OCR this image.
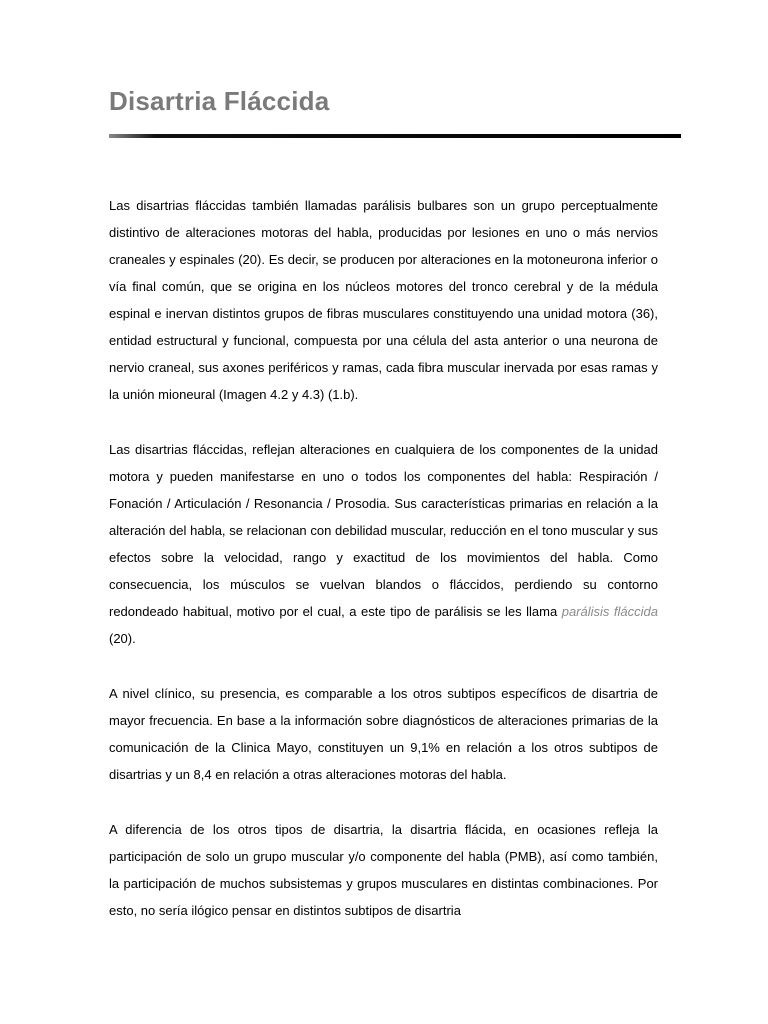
Disartria Fláccida

Las disartrias fláccidas también llamadas parálisis bulbares son un grupo perceptualmente distintivo de alteraciones motoras del habla, producidas por lesiones en uno o más nervios craneales y espinales (20). Es decir, se producen por alteraciones en la motoneurona inferior o vía final común, que se origina en los núcleos motores del tronco cerebral y de la médula espinal e inervan distintos grupos de fibras musculares constituyendo una unidad motora (36), entidad estructural y funcional, compuesta por una célula del asta anterior o una neurona de nervio craneal, sus axones periféricos y ramas, cada fibra muscular inervada por esas ramas y la unión mioneural (Imagen 4.2 y 4.3) (1.b).

Las disartrias fláccidas, reflejan alteraciones en cualquiera de los componentes de la unidad motora y pueden manifestarse en uno o todos los componentes del habla: Respiración / Fonación / Articulación / Resonancia / Prosodia. Sus características primarias en relación a la alteración del habla, se relacionan con debilidad muscular, reducción en el tono muscular y sus efectos sobre la velocidad, rango y exactitud de los movimientos del habla. Como consecuencia, los músculos se vuelvan blandos o fláccidos, perdiendo su contorno redondeado habitual, motivo por el cual, a este tipo de parálisis se les llama parálisis fláccida (20).

A nivel clínico, su presencia, es comparable a los otros subtipos específicos de disartria de mayor frecuencia. En base a la información sobre diagnósticos de alteraciones primarias de la comunicación de la Clinica Mayo, constituyen un 9,1% en relación a los otros subtipos de disartrias y un 8,4 en relación a otras alteraciones motoras del habla.

A diferencia de los otros tipos de disartria, la disartria flácida, en ocasiones refleja la participación de solo un grupo muscular y/o componente del habla (PMB), así como también, la participación de muchos subsistemas y grupos musculares en distintas combinaciones. Por esto, no sería ilógico pensar en distintos subtipos de disartria
